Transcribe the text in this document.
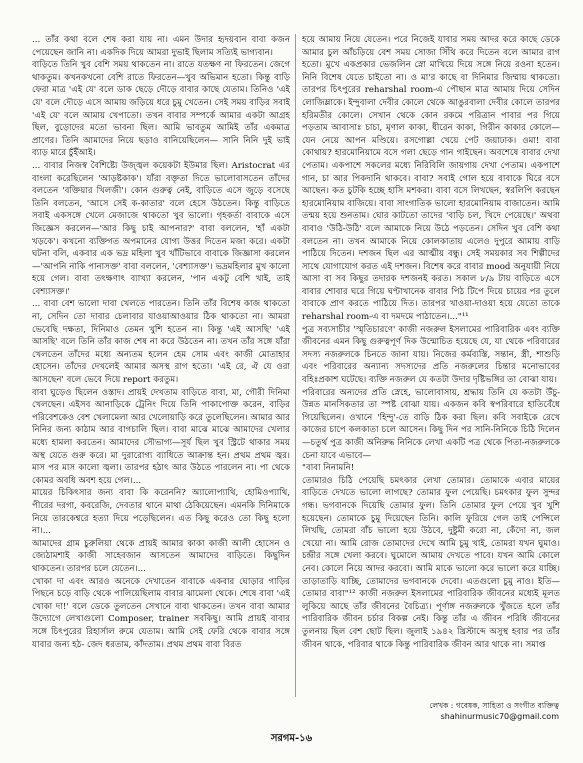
... তাঁর কথা বলে শেষ করা যায় না। এমন উদার হৃদয়বান বাবা কজন পেয়েছেন জানি না। একদিক দিয়ে আমরা দুভাই ছিলাম সত্যিই ভাগ্যবান।

বাড়িতে তিনি খুব বেশি সময় থাকতেন না। রাতে যতক্ষণ না ফিরতেন। জেগে থাকতুম। কখনকখনো বেশি রাতে ফিরতেন—খুব অভিমান হতো। কিন্তু বাড়ি ফেরা মাত্র 'এই যে' বলে ডাক ছেড়ে দৌড়ে বাবার কাছে যেতাম। তিনিও 'এই যে' বলে দৌড়ে এসে আমায় জড়িয়ে ধরে চুমু খেতেন। সেই সময় বাড়ির সবাই 'এই যে' বলে আমায় খেপাতো। তখন বাবার সম্পর্কে আমার একটা আগ্রহ ছিল, বুড়োদের মতো ভাবনা ছিল। আমি ভাবতুম আমিই তাঁর একমাত্র প্রাণের। তিনি আমাদের নিয়ে ছড়াও বানিয়েছিলেন— সানি নিনি দুই ভাই ব্যাড় মারে চুঁইঁআই।

... বাবার নিজস্ব বৈশিষ্ট্যে উজ্জ্বল কয়েকটা ইউমার ছিল। Aristocrat এর বাংলা করেছিলেন 'আড়ষ্টকাক'। যাঁরা বক্তৃতা দিতে ভালোবাসতেন তাঁদের বলতেন 'বক্তিয়ার খিলজী'। কোন গুরুত্ব নেই, বাড়িতে এসে জুড়ে বসেছে তিনি বলতেন, 'আসে সেই ক-কাতার' বলে হেসে উঠতেন। কিন্তু বাড়িতে সবাই একসঙ্গে খেলে মেজাজে থাকতো খুব ভালো। গৃহকর্তা বাবাকে এসে জিজ্ঞেস করলেন—'আর কিছু চাই আপনার?' বাবা বললেন, 'হাঁ একটা খড়কে'। কখনো ব্যক্তিগত অপমানের যোগ্য উত্তর দিতেন মজা করে। একটা ঘটনা বলি, একবার এক ভদ্র মহিলা খুব খাঁটিভাবে বাবাকে জিজ্ঞাসা করলেন—'আপনি নাকি পানাসক্ত' বাবা বললেন, 'বেশ্যাসক্ত'। ভদ্রমহিলার মুখ কালো হয়ে গেল। বাবা তৎক্ষণাৎ ব্যাখ্যা করলেন, 'পান একটু বেশি খাই, তাই বেশ্যাসক্ত।'

... বাবা বেশ ভালো দাবা খেলতে পারতেন। তিনি তাঁর বিশেষ কাজ থাকতো না, সেদিন তো দাবার চেলাবার যাওয়াআওয়ার ঠিক থাকতো না। আমরা ভেবেছি দক্ষতা, দিনিমাও তেমন খুশি হতেন না। কিন্তু 'এই আসছি' 'এই আসছি' বলে তিনি তাঁর কাজ শেষ না করে উঠতেন না। তখন তাঁর সঙ্গে যাঁরা খেলতেন তাঁদের মধ্যে অন্যতম হলেন হেম সোম এবং কাজী মোতাহার হোসেন। তাঁদের দেখলেই আমার অসস্থ রাগ হতো। 'এই রে, ঐ যে ওরা আসছেন' বলে ভেবে দিয়ে report করতুম।

বাবা ঘুড়েও ছিলেন ওস্তাদ। প্রায়ই দেখতাম বাড়িতে বাবা, মা, গৌরী দিনিমা খেলছেন। এইসব আনাড়িকে ট্রেনিং দিয়ে তিনি পাকাপোক্ত করেন, বাড়ির পরিবেশকেও বেশ খেলামেলা আর খেলোয়াড়ি করে তুলেছিলেন। আমার আর নিনির জন্য কাঠাম আর বাগচালি ছিল। বাবা মাঝে মাঝে আমাদের খেলার মধ্যে হামলা করতেন। আমাদের সৌভাগ্য—সূর্য ছিল খুব স্ট্রিটে থাকার সময় অস্থ যেতে গুরু করে। মা দুরারোগ্য ব্যাধিতে আক্রান্ত হন। প্রথম প্রথম জ্বর। মাস পর মাস কালো জ্বলা। তারপর হঠাৎ আর উঠতে পারলেন না। পা থেকে কোমর অবধি অবশ হয়ে গেল।...

মায়ের চিকিৎসার জন্য বাবা কি করেননি? অ্যালোপ্যাথি, হোমিওপ্যাথি, পীরের দরগা, কবরেজি, দেবতার থানে মাথা ঠেকিয়েছেন। এমনকি দিনিমাকে নিয়ে তারকেশ্বরে হত্যা দিয়ে পড়েছিলেন। এত কিছু করেও তো কিছু হলো না।...

আমাদের গ্রাম চুরুলিয়া থেকে প্রায়ই আমার কাকা কাজী আলী হোসেন ও জ্যেঠামশাই কাজী সাহেবজান আসতেন আমাদের বাড়িতে। কিছুদিন থাকতেন। তারপর চলে যেতেন।...

খোকা দা এবং আরও অনেকে দেখাতেন বাবাকে একবার ঘোড়ার গাড়ির পিছনে চড়ে বাড়ি থেকে পালিয়েছিলাম বাবার ঝামেলা থেকে। শেষে বাবা 'এই খোকা দা!' বলে ডেকে তুলতেন সেখানে বাবা থাকতেন। তখন বাবা আমার উদ্যোগে লেখাগুলো Composer, trainer সবকিছু। আমি প্রায়ই বাবার সঙ্গে চিৎপুরের রিহার্সাল রুমে যেতাম। আমি সেই ফেরি থেকে বাবার সঙ্গে যাবার জন্য হঠ- জেদ ধরতাম, কাঁদতাম। প্রথম প্রথম বাবা বিরত

হয়ে আমায় নিয়ে যেতেন। পরে নিজেই যাবার সময় আদর করে কাছে ডেকে আমার চুল আঁচড়িয়ে বেশ সময় সোজা সিঁথি করে দিতেন বলে আমার রাগ হতো। মুখে একপ্রকার ভেজলিন স্নো মাখিয়ে দিয়ে সঙ্গে নিয়ে রওনা হতেন। নিনি বিশেষ যেতে চাইতো না। ও মা'র কাছে বা দিনিমার জিম্মায় থাকতো। তারপর চিৎপুরের reharshal room-এ পৌছান মাত্র আমায় দিয়ে সেদিন লোজিম্লাকে। ইন্দুবালা দেবীর কোলে থেকে আঙুরবালা দেবীর কোলে তারপর হরিমতীর কোলে। সেখান থেকে কোন রকমে পরিত্রান পাবার পর গিয়ে পড়তাম আবাসাঃ চাচা, মৃণাল কাকা, ধীরেন কাকা, গিরীন কাকার কোলে—যেন নেয়ে আপন মণ্ডিয়ে। রসগোল্লা খেয়ে পেট জয়াঢাক। ওমা! বাবা কোথায়? হারমোনিয়ামে বসে গলা ছেড়ে গান গাইছেন। অবশেষে বাবার দেখা পেতাম। একপাশে সকলের মধ্যে নিরিবিলি জায়গায় দেখা পেতাম। একপাশে গান, চা আর পিকদানি থাকবে। বাবা? সবাই গোল হয়ে বাবাকে ঘিরে বসে আছেন। কত চুটকি হচ্ছে হাসি মশকরা। বাবা বসে লিখছেন, স্বরলিপি করছেন হারমোনিয়াম বাজিয়ে। বাবা সাংগাতিক ভালো হারমোনিয়াম বাজাতেন। আমি তন্ময় হয়ে শুনতাম। ঘোর কাটতো তাদের 'বাড়ি চল, খিদে পেয়েছে।' অথবা বাবাও 'উঠি-উঠি' বলে আমাকে নিয়ে উঠে পড়তেন। সেদিন খুব বেশি কথা বলতেন না। তখন আমাকে নিয়ে কোলকাতায় এলেও দুপুরে আমায় বাড়ি পাঠিয়ে দিতেন। দশজন ছিল এর আত্মীয় বন্ধু। সেই সময়কার সব শিল্পীদের সাথে যোগাযোগ করত এই দশজন। বিশেষ করে বাবার mood অনুযায়ী নিয়ে আসা বা সব কিছুর তদারক দশজনই করত। সকাল ৮/৯ টায় বাড়িতে এসে বাবার শোবার ঘরে গিয়ে ঘণ্টাখানেক বাবার পিঠ টিপে দিয়ে চায়ের পর তুলে বাবাকে প্রাণ করতে পাঠিয়ে দিত। তারপর খাওয়া-দাওয়া হয়ে যেতো তাকে reharshal room-এ বা দমদমে পাঠাতেন।..."¹¹

পুত্র সব্যসাচীর 'স্মৃতিচারণে' কাজী নজরুল ইসলামের পারিবারিক এবং ব্যক্তি জীবনের এমন কিছু গুরুত্বপূর্ণ দিক উন্মোচিত হয়েছে যে, যা থেকে পরিবারের সদস্য নজরুলকে চিনতে জানা যায়। নিজের কর্মব্যস্তি, সন্তান, স্ত্রী, শাশুড়ি এবং পরিবারের অন্যান্য সদস্যদের প্রতি নজরুলের চিন্তার মনোভাবের বহিঃপ্রকাশ ঘটেছে। ব্যক্তি নজরুল যে কতটা উদার দৃষ্টিভঙ্গির তা বোঝা যায়।

পরিবারের অন্যদের প্রতি স্নেহে, ভালোবাসায়, শ্রদ্ধায় তিনি যে কতটা উঁচু-উন্নত মানসিকতার তা স্পষ্ট বোঝা যায়। একজন কবি স্বপরিবারে হাতিবেঁধে গিয়েছিলেন। ওখানে 'হিন্দু'-তে বাড়ি ঠিক করা ছিল। কবি সবাইকে রেখে কাজের চাপে কলকাতা চলে আসেন। কিছু দিন পর সানি-নিনিকে চিঠি দিলেন—চতুর্থ পুত্র কাজী অনিরুদ্ধ নিনিকে লেখা একটি পত্র থেকে পিতা-নজরুলকে চেনা যাবে এভাবে—

"বাবা নিনামনি!

তোমারও চিঠি পেয়েছি চমৎকার লেখা তোমার। তোমাকে এবার মায়ের বাড়িতে দেখতে ভালো লাগছে? তোমার ফুল পেয়েছি। চমৎকার ফুল সুন্দর গন্ধ। ভগবানকে দিয়েছি তোমার ফুল। তিনি তোমার ফুল পেয়ে খুব খুশি হয়েছেন। তোমাকে চুমু দিয়েছেন তিনি। কালি ফুরিয়ে গেল তাই পেন্সিলে লিখছি, তোমরা বাঁচ ভালো হয়ে উঠবে, দুষ্টুমী করো না, কেঁদো না, জল খেয়ো না। আমি রোজ তোমাদের দেখে আমি চুমু খাই, তোমরা যখন ঘুমাও। চন্দ্রীর সঙ্গে খেলা করবে। ঘুমোলে আমায় দেখতে পাবে। যখন আমি কোলে নেব। কোলে নিয়ে আদর করবো। আমি মাকে ভালো করে ভালো করে যাচ্ছি। তাড়াতাড়ি যাচ্ছি, তোমাদের ভগবানকে দেবো। এতগুলো চুমু নাও। ইতি—তোমার বাবা"¹² কাজী নজরুল ইসলামের পারিবারিক জীবনের মধ্যেই মূলত লুকিয়ে আছে তাঁর জীবনের বৈচিত্র্য। পূর্ণাঙ্গ নজরুলকে খুঁজতে হলে তাঁর পারিবারিক জীবন চর্চার বিকল্প নেই। কিন্তু তাঁর এ জীবন পরিধি জীবনের তুলনায় ছিল বেশ ছোট ছিল। জুলাই ১৯৪২ খ্রিস্টাব্দে অসুস্থ হবার পর তাঁর জীবন থাকে, পরিবার থাকে কিন্তু পারিবারিক জীবন আর থাকে না। সমাপ্ত

লেখক : গবেষক, সাহিত্য ও সংগীত ব্যক্তিত্ব
shahinurmusic70@gmail.com
সরগম-১৬
